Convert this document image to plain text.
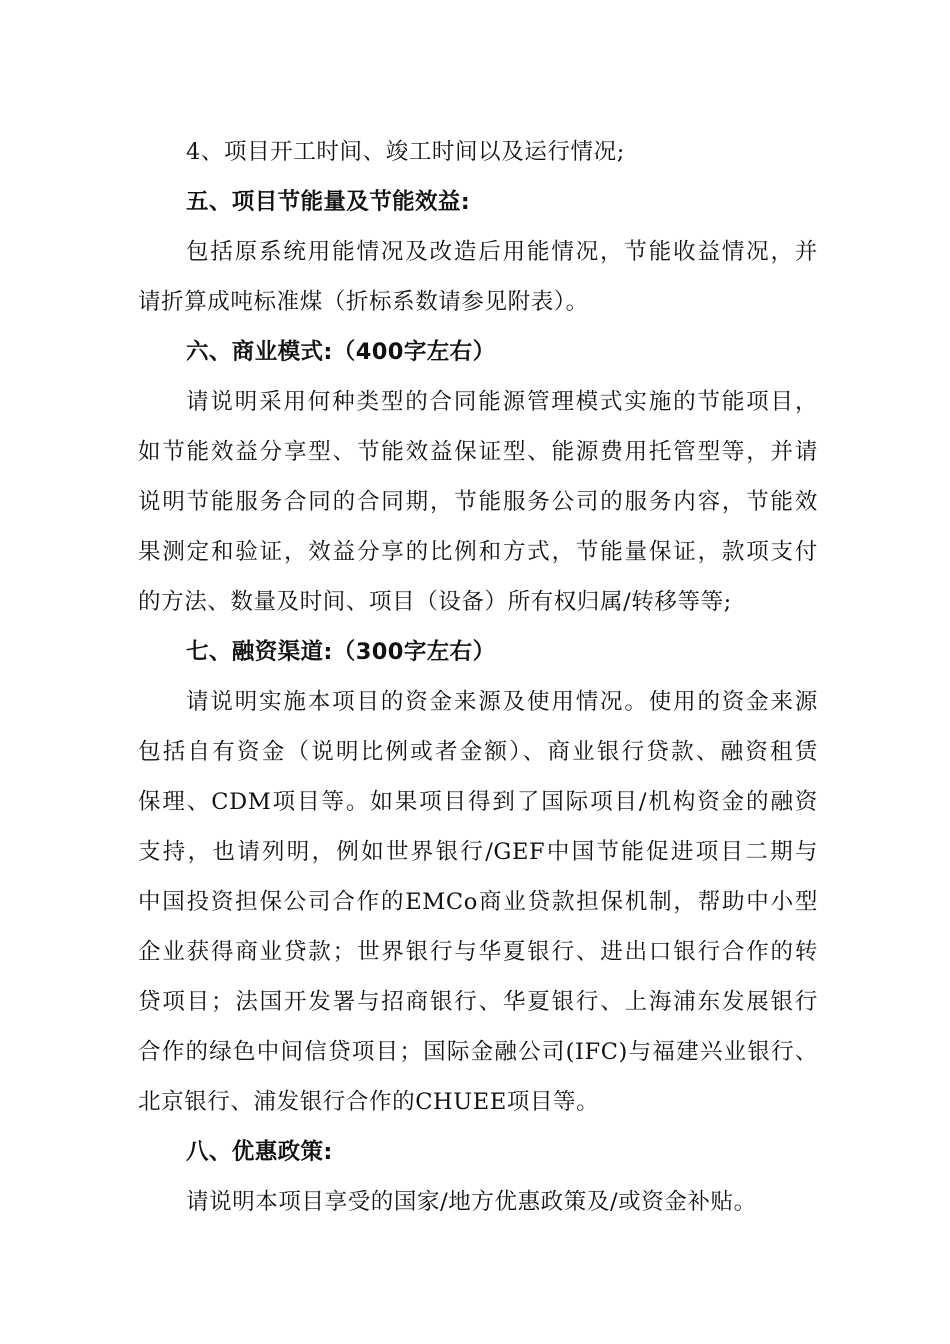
4、项目开工时间、竣工时间以及运行情况;
五、项目节能量及节能效益:
包括原系统用能情况及改造后用能情况，节能收益情况，并
请折算成吨标准煤（折标系数请参见附表）。
六、商业模式:（400字左右）
请说明采用何种类型的合同能源管理模式实施的节能项目，
如节能效益分享型、节能效益保证型、能源费用托管型等，并请
说明节能服务合同的合同期，节能服务公司的服务内容，节能效
果测定和验证，效益分享的比例和方式，节能量保证，款项支付
的方法、数量及时间、项目（设备）所有权归属/转移等等;
七、融资渠道:（300字左右）
请说明实施本项目的资金来源及使用情况。使用的资金来源
包括自有资金（说明比例或者金额）、商业银行贷款、融资租赁
保理、CDM项目等。如果项目得到了国际项目/机构资金的融资
支持，也请列明，例如世界银行/GEF中国节能促进项目二期与
中国投资担保公司合作的EMCo商业贷款担保机制，帮助中小型
企业获得商业贷款；世界银行与华夏银行、进出口银行合作的转
贷项目；法国开发署与招商银行、华夏银行、上海浦东发展银行
合作的绿色中间信贷项目；国际金融公司(IFC)与福建兴业银行、
北京银行、浦发银行合作的CHUEE项目等。
八、优惠政策:
请说明本项目享受的国家/地方优惠政策及/或资金补贴。
